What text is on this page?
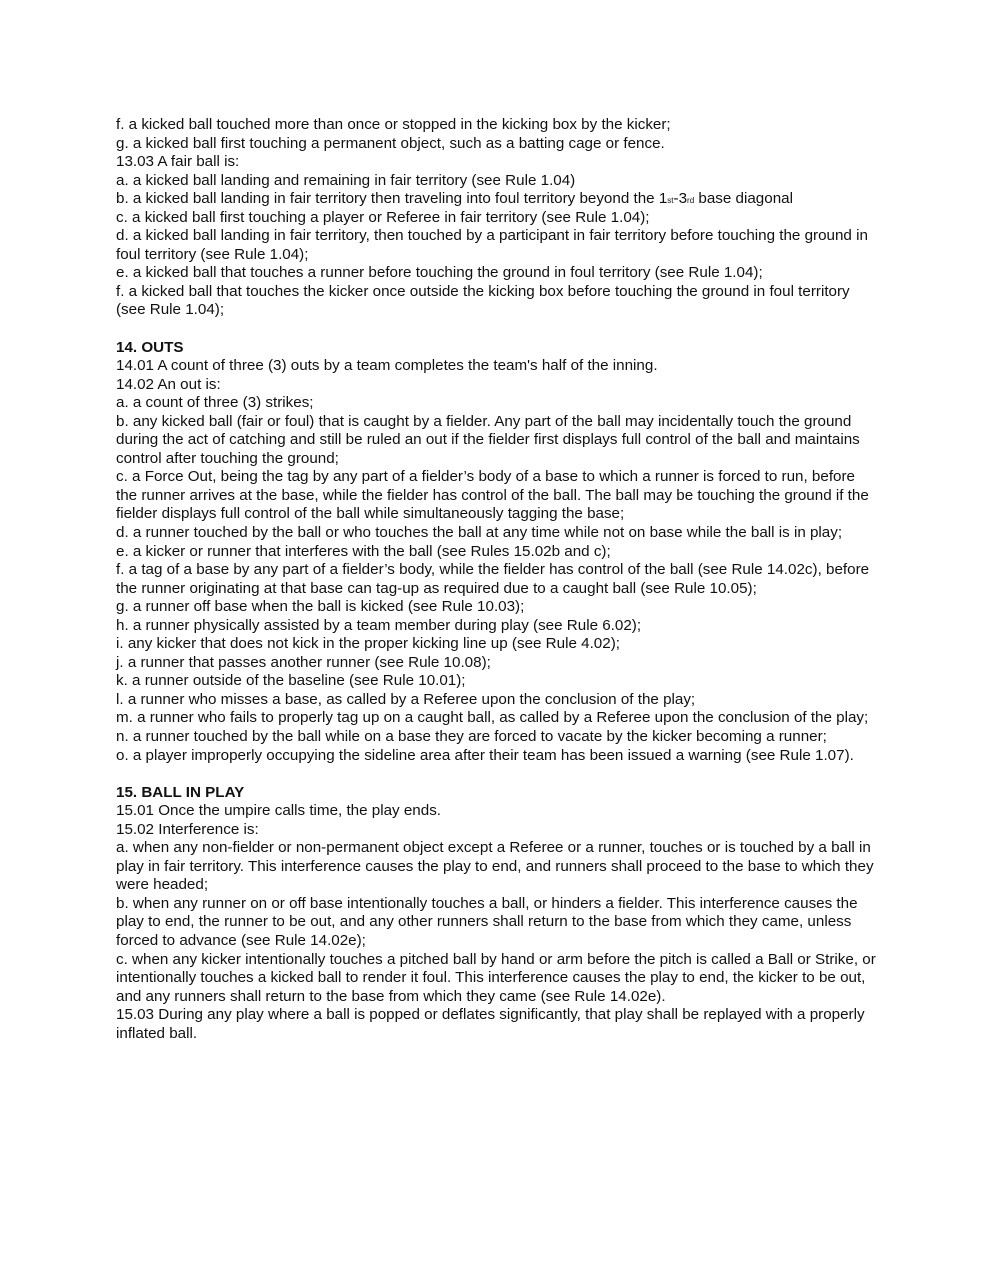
f. a kicked ball touched more than once or stopped in the kicking box by the kicker;

g. a kicked ball first touching a permanent object, such as a batting cage or fence.

13.03 A fair ball is:

a. a kicked ball landing and remaining in fair territory (see Rule 1.04)

b. a kicked ball landing in fair territory then traveling into foul territory beyond the 1st-3rd base diagonal

c. a kicked ball first touching a player or Referee in fair territory (see Rule 1.04);

d. a kicked ball landing in fair territory, then touched by a participant in fair territory before touching the ground in foul territory (see Rule 1.04);

e. a kicked ball that touches a runner before touching the ground in foul territory (see Rule 1.04);

f. a kicked ball that touches the kicker once outside the kicking box before touching the ground in foul territory (see Rule 1.04);

14. OUTS

14.01 A count of three (3) outs by a team completes the team's half of the inning.

14.02 An out is:

a. a count of three (3) strikes;

b. any kicked ball (fair or foul) that is caught by a fielder. Any part of the ball may incidentally touch the ground during the act of catching and still be ruled an out if the fielder first displays full control of the ball and maintains control after touching the ground;

c. a Force Out, being the tag by any part of a fielder’s body of a base to which a runner is forced to run, before the runner arrives at the base, while the fielder has control of the ball. The ball may be touching the ground if the fielder displays full control of the ball while simultaneously tagging the base;

d. a runner touched by the ball or who touches the ball at any time while not on base while the ball is in play;

e. a kicker or runner that interferes with the ball (see Rules 15.02b and c);

f. a tag of a base by any part of a fielder’s body, while the fielder has control of the ball (see Rule 14.02c), before the runner originating at that base can tag-up as required due to a caught ball (see Rule 10.05);

g. a runner off base when the ball is kicked (see Rule 10.03);

h. a runner physically assisted by a team member during play (see Rule 6.02);

i. any kicker that does not kick in the proper kicking line up (see Rule 4.02);

j. a runner that passes another runner (see Rule 10.08);

k. a runner outside of the baseline (see Rule 10.01);

l. a runner who misses a base, as called by a Referee upon the conclusion of the play;

m. a runner who fails to properly tag up on a caught ball, as called by a Referee upon the conclusion of the play;

n. a runner touched by the ball while on a base they are forced to vacate by the kicker becoming a runner;

o. a player improperly occupying the sideline area after their team has been issued a warning (see Rule 1.07).

15. BALL IN PLAY

15.01 Once the umpire calls time, the play ends.

15.02 Interference is:

a. when any non-fielder or non-permanent object except a Referee or a runner, touches or is touched by a ball in play in fair territory. This interference causes the play to end, and runners shall proceed to the base to which they were headed;

b. when any runner on or off base intentionally touches a ball, or hinders a fielder. This interference causes the play to end, the runner to be out, and any other runners shall return to the base from which they came, unless forced to advance (see Rule 14.02e);

c. when any kicker intentionally touches a pitched ball by hand or arm before the pitch is called a Ball or Strike, or intentionally touches a kicked ball to render it foul. This interference causes the play to end, the kicker to be out, and any runners shall return to the base from which they came (see Rule 14.02e).

15.03 During any play where a ball is popped or deflates significantly, that play shall be replayed with a properly inflated ball.
